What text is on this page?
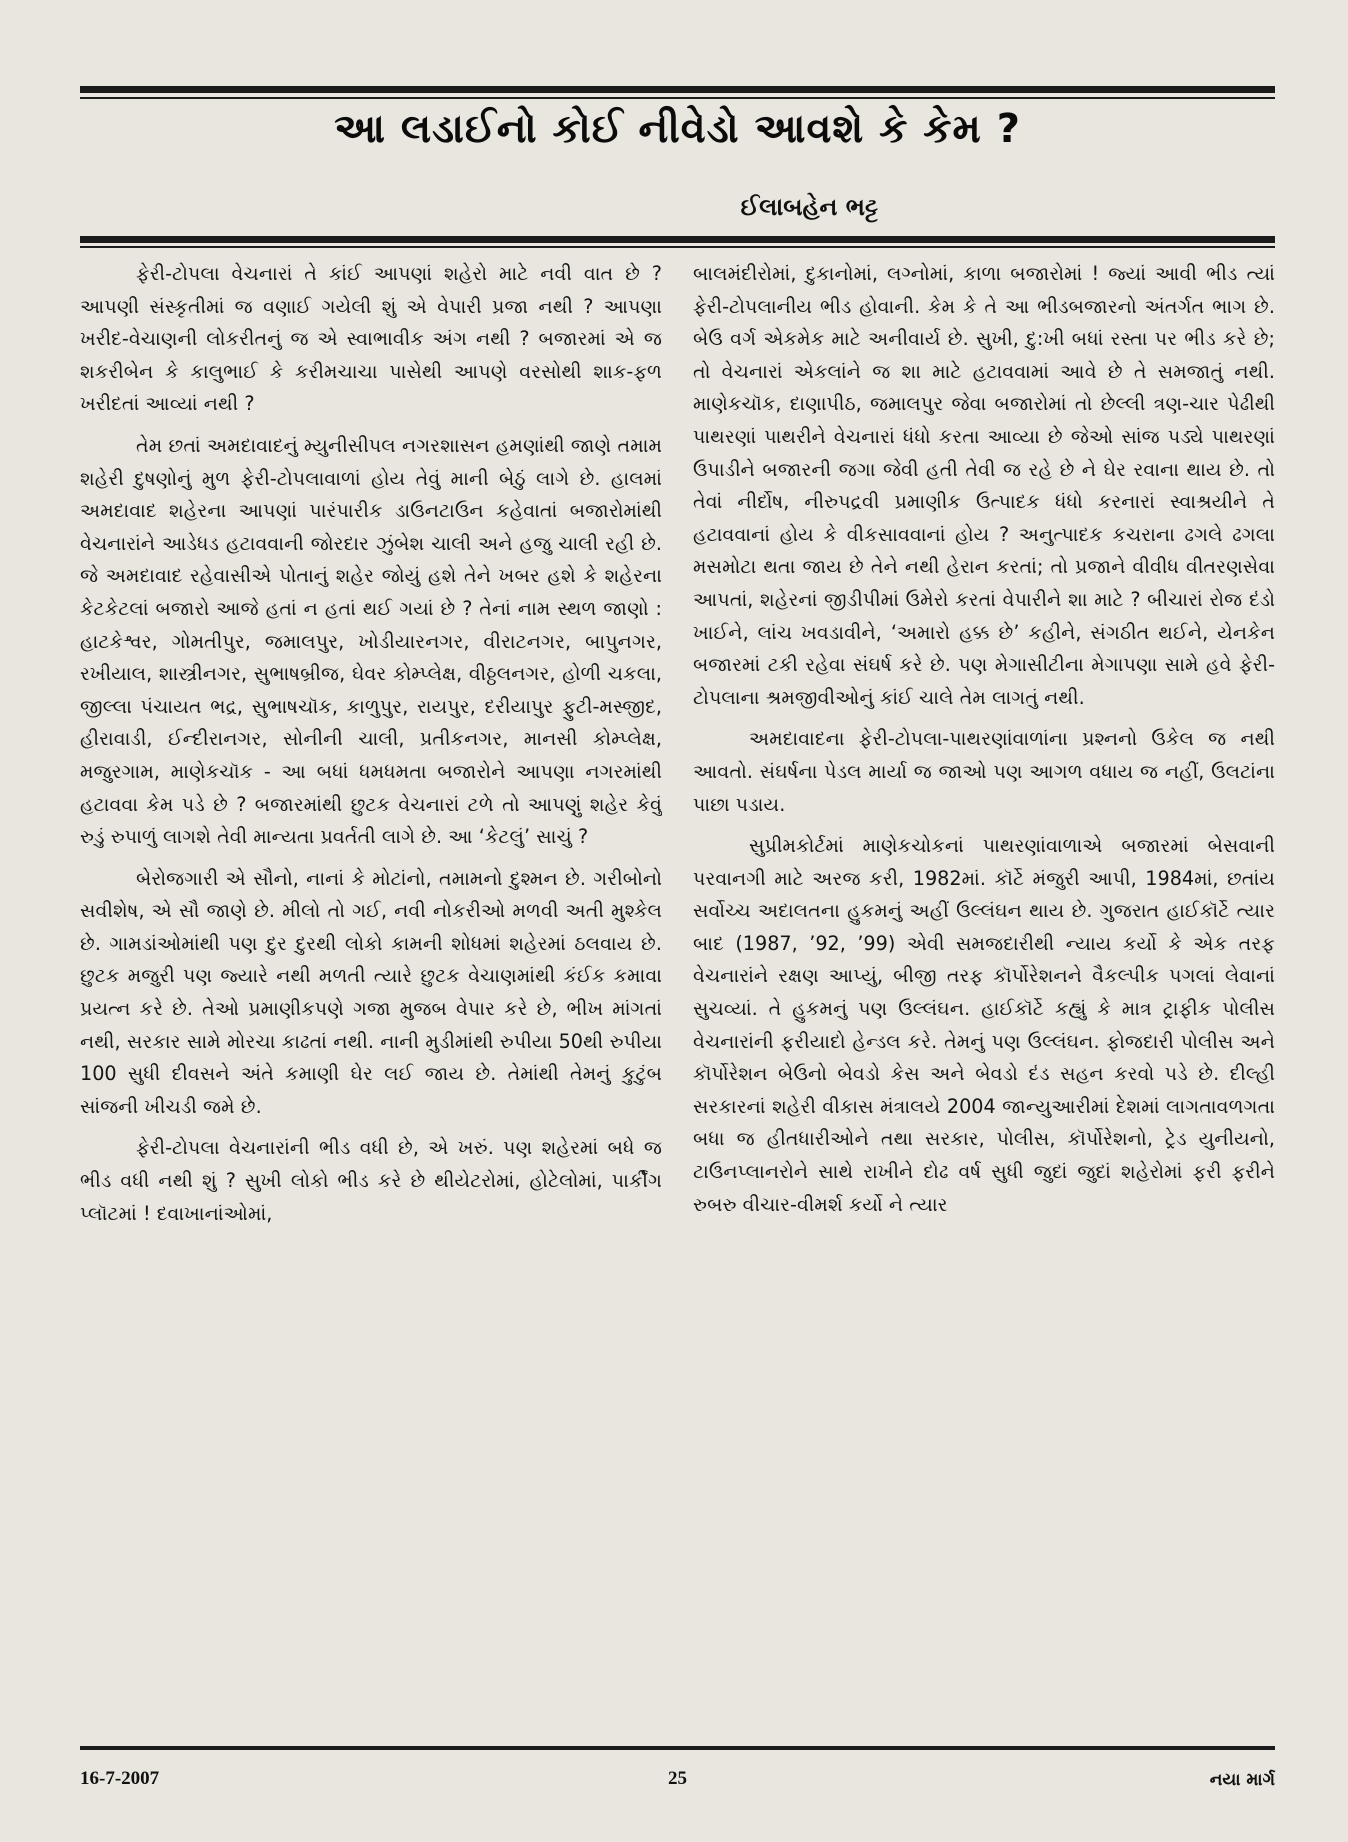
આ લડાઈનો કોઈ નીવેડો આવશે કે કેમ ?
ઈલાબહેન ભટ્ટ

ફેરી-ટોપલા વેચનારાં તે કાંઈ આપણાં શહેરો માટે નવી વાત છે ? આપણી સંસ્કૃતીમાં જ વણાઈ ગયેલી શું એ વેપારી પ્રજા નથી ? આપણા ખરીદ-વેચાણની લોકરીતનું જ એ સ્વાભાવીક અંગ નથી ? બજારમાં એ જ શકરીબેન કે કાલુભાઈ કે કરીમચાચા પાસેથી આપણે વરસોથી શાક-ફળ ખરીદતાં આવ્યાં નથી ?

તેમ છતાં અમદાવાદનું મ્યુનીસીપલ નગરશાસન હમણાંથી જાણે તમામ શહેરી દુષણોનું મુળ ફેરી-ટોપલાવાળાં હોય તેવું માની બેઠું લાગે છે. હાલમાં અમદાવાદ શહેરના આપણાં પારંપારીક ડાઉનટાઉન કહેવાતાં બજારોમાંથી વેચનારાંને આડેધડ હટાવવાની જોરદાર ઝુંબેશ ચાલી અને હજુ ચાલી રહી છે. જે અમદાવાદ રહેવાસીએ પોતાનું શહેર જોયું હશે તેને ખબર હશે કે શહેરના કેટકેટલાં બજારો આજે હતાં ન હતાં થઈ ગયાં છે ? તેનાં નામ સ્થળ જાણો : હાટકેશ્વર, ગોમતીપુર, જમાલપુર, ખોડીયારનગર, વીરાટનગર, બાપુનગર, રખીયાલ, શાસ્ત્રીનગર, સુભાષબ્રીજ, ઘેવર કોમ્પ્લેક્ષ, વીઠ્ઠલનગર, હોળી ચકલા, જીલ્લા પંચાયત ભદ્ર, સુભાષચૉક, કાળુપુર, રાયપુર, દરીયાપુર ફુટી-મસ્જીદ, હીરાવાડી, ઈન્દીરાનગર, સોનીની ચાલી, પ્રતીકનગર, માનસી કોમ્પ્લેક્ષ, મજુરગામ, માણેકચૉક - આ બધાં ધમધમતા બજારોને આપણા નગરમાંથી હટાવવા કેમ પડે છે ? બજારમાંથી છુટક વેચનારાં ટળે તો આપણું શહેર કેવું રુડું રુપાળું લાગશે તેવી માન્યતા પ્રવર્તતી લાગે છે. આ ‘કેટલું’ સાચું ?

બેરોજગારી એ સૌનો, નાનાં કે મોટાંનો, તમામનો દુશ્મન છે. ગરીબોનો સવીશેષ, એ સૌ જાણે છે. મીલો તો ગઈ, નવી નોકરીઓ મળવી અતી મુશ્કેલ છે. ગામડાંઓમાંથી પણ દુર દુરથી લોકો કામની શોધમાં શહેરમાં ઠલવાય છે. છુટક મજુરી પણ જ્યારે નથી મળતી ત્યારે છુટક વેચાણમાંથી કંઈક કમાવા પ્રયત્ન કરે છે. તેઓ પ્રમાણીકપણે ગજા મુજબ વેપાર કરે છે, ભીખ માંગતાં નથી, સરકાર સામે મોરચા કાઢતાં નથી. નાની મુડીમાંથી રુપીયા 50થી રુપીયા 100 સુધી દીવસને અંતે કમાણી ઘેર લઈ જાય છે. તેમાંથી તેમનું કુટુંબ સાંજની ખીચડી જમે છે.

ફેરી-ટોપલા વેચનારાંની ભીડ વધી છે, એ ખરું. પણ શહેરમાં બધે જ ભીડ વધી નથી શું ? સુખી લોકો ભીડ કરે છે થીયેટરોમાં, હોટેલોમાં, પાર્કીંગ પ્લૉટમાં ! દવાખાનાંઓમાં,

બાલમંદીરોમાં, દુકાનોમાં, લગ્નોમાં, કાળા બજારોમાં ! જ્યાં આવી ભીડ ત્યાં ફેરી-ટોપલાનીય ભીડ હોવાની. કેમ કે તે આ ભીડબજારનો અંતર્ગત ભાગ છે. બેઉ વર્ગ એકમેક માટે અનીવાર્ય છે. સુખી, દુ:ખી બધાં રસ્તા પર ભીડ કરે છે; તો વેચનારાં એકલાંને જ શા માટે હટાવવામાં આવે છે તે સમજાતું નથી. માણેકચૉક, દાણાપીઠ, જમાલપુર જેવા બજારોમાં તો છેલ્લી ત્રણ-ચાર પેઢીથી પાથરણાં પાથરીને વેચનારાં ધંધો કરતા આવ્યા છે જેઓ સાંજ પડ્યે પાથરણાં ઉપાડીને બજારની જગા જેવી હતી તેવી જ રહે છે ને ઘેર રવાના થાય છે. તો તેવાં નીર્દોષ, નીરુપદ્રવી પ્રમાણીક ઉત્પાદક ધંધો કરનારાં સ્વાશ્રયીને તે હટાવવાનાં હોય કે વીકસાવવાનાં હોય ? અનુત્પાદક કચરાના ઢગલે ઢગલા મસમોટા થતા જાય છે તેને નથી હેરાન કરતાં; તો પ્રજાને વીવીધ વીતરણસેવા આપતાં, શહેરનાં જીડીપીમાં ઉમેરો કરતાં વેપારીને શા માટે ? બીચારાં રોજ દંડો ખાઈને, લાંચ ખવડાવીને, ‘અમારો હક્ક છે’ કહીને, સંગઠીત થઈને, યેનકેન બજારમાં ટકી રહેવા સંઘર્ષ કરે છે. પણ મેગાસીટીના મેગાપણા સામે હવે ફેરી-ટોપલાના શ્રમજીવીઓનું કાંઈ ચાલે તેમ લાગતું નથી.

અમદાવાદના ફેરી-ટોપલા-પાથરણાંવાળાંના પ્રશ્નનો ઉકેલ જ નથી આવતો. સંઘર્ષના પેડલ માર્યા જ જાઓ પણ આગળ વધાય જ નહીં, ઉલટાંના પાછા પડાય.

સુપ્રીમકોર્ટમાં માણેકચોકનાં પાથરણાંવાળાએ બજારમાં બેસવાની પરવાનગી માટે અરજ કરી, 1982માં. કૉર્ટે મંજુરી આપી, 1984માં, છતાંય સર્વોચ્ચ અદાલતના હુકમનું અહીં ઉલ્લંઘન થાય છે. ગુજરાત હાઈકૉર્ટે ત્યાર બાદ (1987, ’92, ’99) એવી સમજદારીથી ન્યાય કર્યો કે એક તરફ વેચનારાંને રક્ષણ આપ્યું, બીજી તરફ કૉર્પોરેશનને વૈકલ્પીક પગલાં લેવાનાં સુચવ્યાં. તે હુકમનું પણ ઉલ્લંઘન. હાઈકૉર્ટે કહ્યું કે માત્ર ટ્રાફીક પોલીસ વેચનારાંની ફરીયાદો હેન્ડલ કરે. તેમનું પણ ઉલ્લંઘન. ફોજદારી પોલીસ અને કૉર્પોરેશન બેઉનો બેવડો કેસ અને બેવડો દંડ સહન કરવો પડે છે. દીલ્હી સરકારનાં શહેરી વીકાસ મંત્રાલયે 2004 જાન્યુઆરીમાં દેશમાં લાગતાવળગતા બધા જ હીતધારીઓને તથા સરકાર, પોલીસ, કૉર્પોરેશનો, ટ્રેડ યુનીયનો, ટાઉનપ્લાનરોને સાથે રાખીને દોઢ વર્ષ સુધી જુદાં જુદાં શહેરોમાં ફરી ફરીને રુબરુ વીચાર-વીમર્શ કર્યો ને ત્યાર

16-7-2007	25	નયા માર્ગ
